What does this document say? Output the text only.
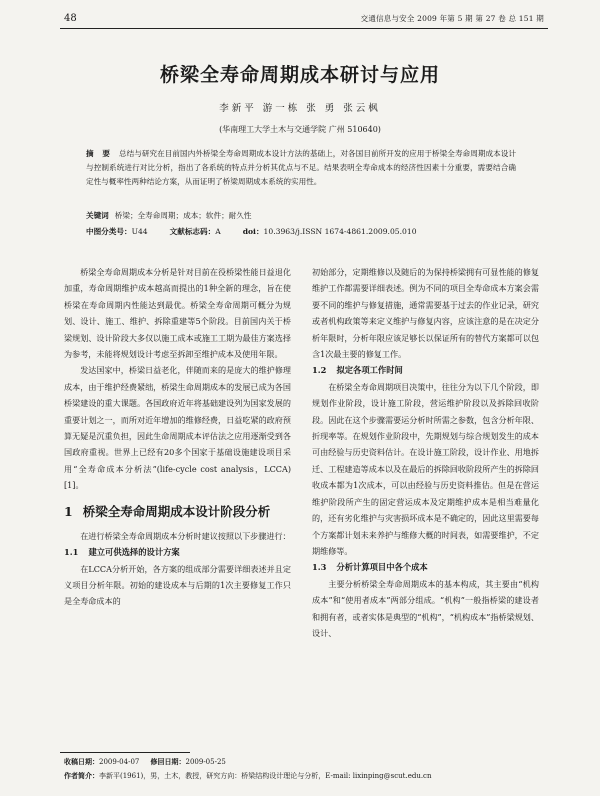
48	交通信息与安全 2009 年第 5 期 第 27 卷 总 151 期
桥梁全寿命周期成本研讨与应用
李新平 游一栋 张 勇 张云枫
(华南理工大学土木与交通学院 广州 510640)
摘 要 总结与研究在目前国内外桥梁全寿命周期成本设计方法的基础上，对各国目前所开发的应用于桥梁全寿命周期成本设计与控制系统进行对比分析，指出了各系统的特点并分析其优点与不足。结果表明全寿命成本的经济性因素十分重要，需要结合确定性与概率性两种结论方案，从而证明了桥梁周期成本系统的实用性。
关键词 桥梁；全寿命周期；成本；软件；耐久性
中图分类号：U44	文献标志码：A	doi：10.3963/j.ISSN 1674-4861.2009.05.010

桥梁全寿命周期成本分析是针对目前在役桥梁性能日益退化加重，寿命周期维护成本越高而提出的1种全新的理念，旨在使桥梁在寿命周期内性能达到最优。桥梁全寿命周期可概分为规划、设计、施工、维护、拆除重建等5个阶段。目前国内关于桥梁规划、设计阶段大多仅以施工成本或施工工期为最佳方案选择为参考，未能将规划设计考虑至拆卸至维护成本及使用年限。

发达国家中，桥梁日益老化，伴随而来的是庞大的维护修理成本，由于维护经费紧绌，桥梁生命周期成本的发展已成为各国桥梁建设的重大课题。各国政府近年将基础建设列为国家发展的重要计划之一，而所对近年增加的维修经费，日益吃紧的政府预算无疑是沉重负担，因此生命周期成本评估法之应用逐渐受到各国政府重视。世界上已经有20多个国家于基础设施建设项目采用“全寿命成本分析法”(life-cycle cost analysis，LCCA)[1]。

1 桥梁全寿命周期成本设计阶段分析

在进行桥梁全寿命周期成本分析时建议按照以下步骤进行：

1.1 建立可供选择的设计方案

在LCCA分析开始，各方案的组成部分需要详细表述并且定义项目分析年限。初始的建设成本与后期的1次主要修复工作只是全寿命成本的

初始部分，定期维修以及随后的为保持桥梁拥有可显性能的修复维护工作都需要详细表述。例为不同的项目全寿命成本方案会需要不同的维护与修复措施，通常需要基于过去的作业记录，研究或者机构政策等来定义维护与修复内容，应该注意的是在决定分析年限时，分析年限应该足够长以保证所有的替代方案都可以包含1次最主要的修复工作。

1.2 拟定各项工作时间

在桥梁全寿命周期项目决策中，往往分为以下几个阶段，即规划作业阶段，设计施工阶段，营运维护阶段以及拆除回收阶段。因此在这个步骤需要运分析时所需之参数，包含分析年限、折现率等。在规划作业阶段中，先期规划与综合规划发生的成本可由经验与历史资料估计。在设计施工阶段，设计作业、用地拆迁、工程建造等成本以及在最后的拆除回收阶段所产生的拆除回收成本都为1次成本，可以由经验与历史资料推估。但是在营运维护阶段所产生的固定营运成本及定期维护成本是相当难量化的，还有劣化维护与灾害损坏成本是不确定的，因此这里需要每个方案都计划未来养护与维修大概的时间表，如需要维护，不定期维修等。

1.3 分析计算项目中各个成本

主要分析桥梁全寿命周期成本的基本构成，其主要由“机构成本”和“使用者成本”两部分组成。“机构”一般指桥梁的建设者和拥有者，或者实体是典型的“机构”，“机构成本”指桥梁规划、设计、

收稿日期：2009-04-07 修回日期：2009-05-25
作者简介：李新平(1961)，男，土木，教授，研究方向：桥梁结构设计理论与分析，E-mail: lixinping@scut.edu.cn
